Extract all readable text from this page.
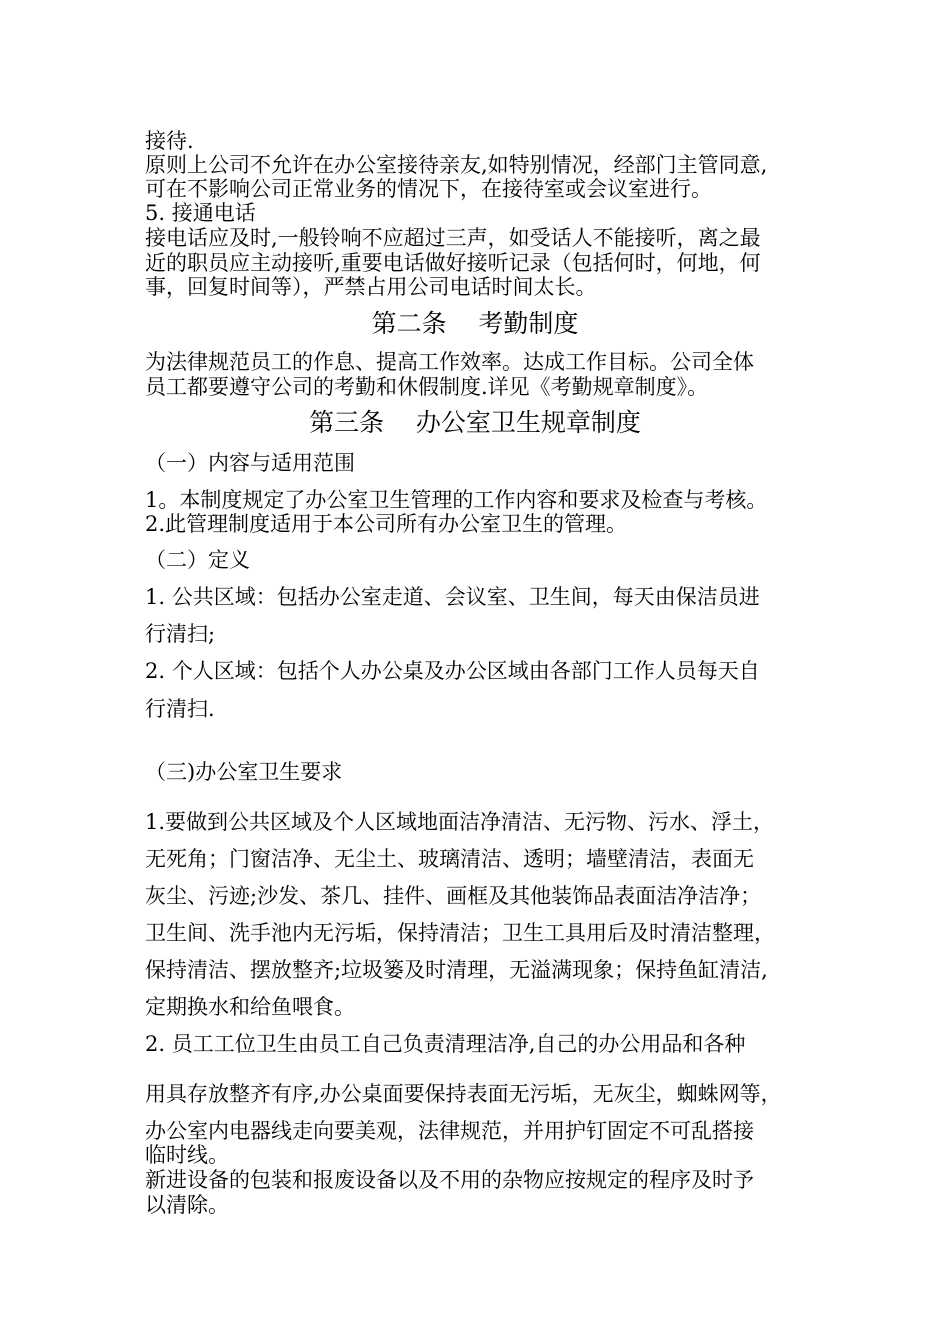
接待.
原则上公司不允许在办公室接待亲友,如特别情况，经部门主管同意,
可在不影响公司正常业务的情况下，在接待室或会议室进行。
5. 接通电话
接电话应及时,一般铃响不应超过三声，如受话人不能接听，离之最
近的职员应主动接听,重要电话做好接听记录（包括何时，何地，何
事，回复时间等），严禁占用公司电话时间太长。
第二条    考勤制度
为法律规范员工的作息、提高工作效率。达成工作目标。公司全体
员工都要遵守公司的考勤和休假制度.详见《考勤规章制度》。
第三条    办公室卫生规章制度
（一）内容与适用范围
1。本制度规定了办公室卫生管理的工作内容和要求及检查与考核。
2.此管理制度适用于本公司所有办公室卫生的管理。
（二）定义
1. 公共区域：包括办公室走道、会议室、卫生间，每天由保洁员进
行清扫;
2. 个人区域：包括个人办公桌及办公区域由各部门工作人员每天自
行清扫.
（三)办公室卫生要求
1.要做到公共区域及个人区域地面洁净清洁、无污物、污水、浮土，
无死角；门窗洁净、无尘土、玻璃清洁、透明；墙壁清洁，表面无
灰尘、污迹;沙发、茶几、挂件、画框及其他装饰品表面洁净洁净；
卫生间、洗手池内无污垢，保持清洁；卫生工具用后及时清洁整理，
保持清洁、摆放整齐;垃圾篓及时清理，无溢满现象；保持鱼缸清洁,
定期换水和给鱼喂食。
2. 员工工位卫生由员工自己负责清理洁净,自己的办公用品和各种
用具存放整齐有序,办公桌面要保持表面无污垢，无灰尘，蜘蛛网等，
办公室内电器线走向要美观，法律规范，并用护钉固定不可乱搭接
临时线。
新进设备的包装和报废设备以及不用的杂物应按规定的程序及时予
以清除。
